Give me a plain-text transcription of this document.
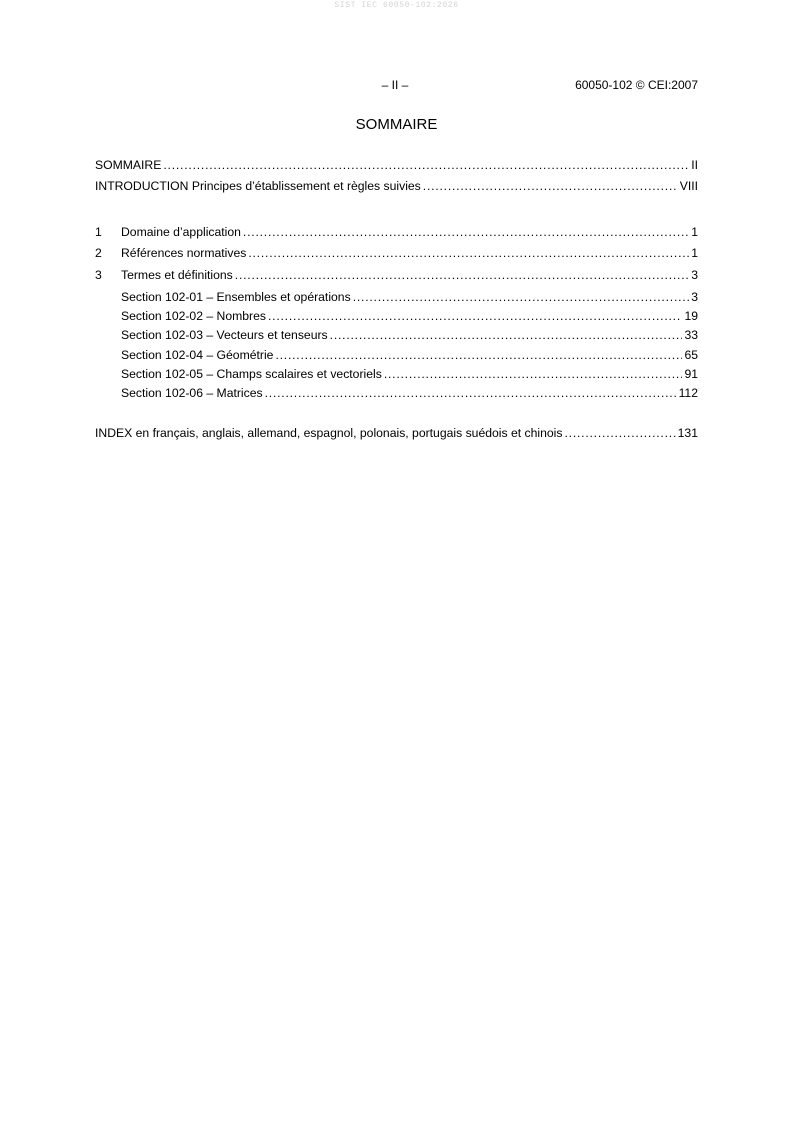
SIST IEC 60050-102:2026
– II –	60050-102 © CEI:2007
SOMMAIRE
SOMMAIRE . . .	II
INTRODUCTION Principes d’établissement et règles suivies . . .	VIII
1	Domaine d’application . . .	1
2	Références normatives . . .	1
3	Termes et définitions . . .	3
Section 102-01 – Ensembles et opérations . . .	3
Section 102-02 – Nombres . . .	19
Section 102-03 – Vecteurs et tenseurs . . .	33
Section 102-04 – Géométrie . . .	65
Section 102-05 – Champs scalaires et vectoriels . . .	91
Section 102-06 – Matrices . . .	112
INDEX en français, anglais, allemand, espagnol, polonais, portugais suédois et chinois . . .	131
